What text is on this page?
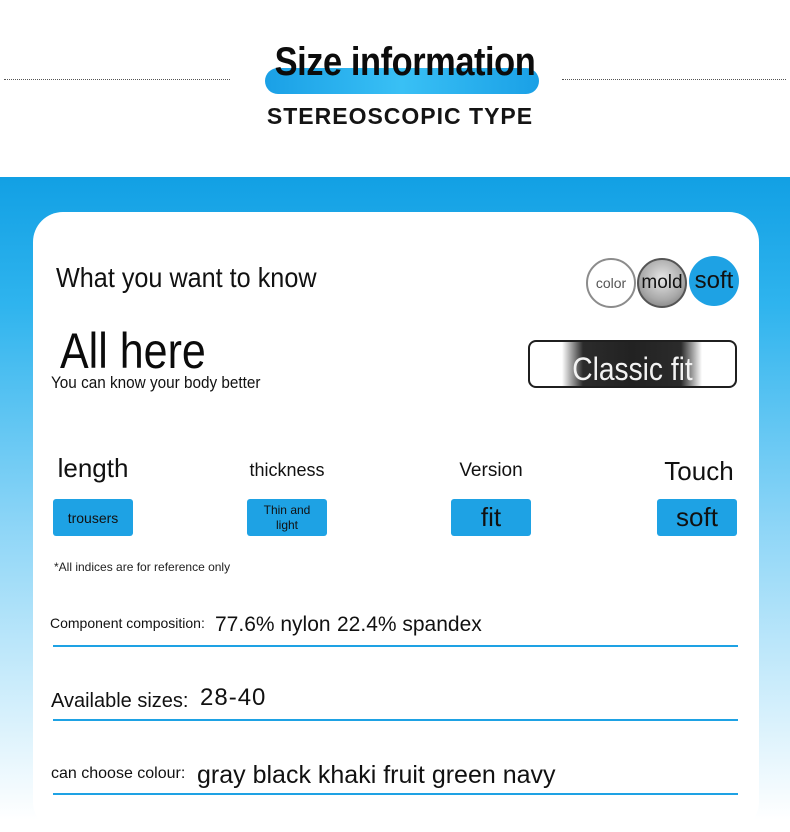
Size information
STEREOSCOPIC TYPE
What you want to know
All here
You can know your body better
color mold soft
Classic fit
length	thickness	Version	Touch
trousers	Thin and light	fit	soft
*All indices are for reference only
Component composition: 77.6% nylon 22.4% spandex
Available sizes: 28-40
can choose colour: gray black khaki fruit green navy
